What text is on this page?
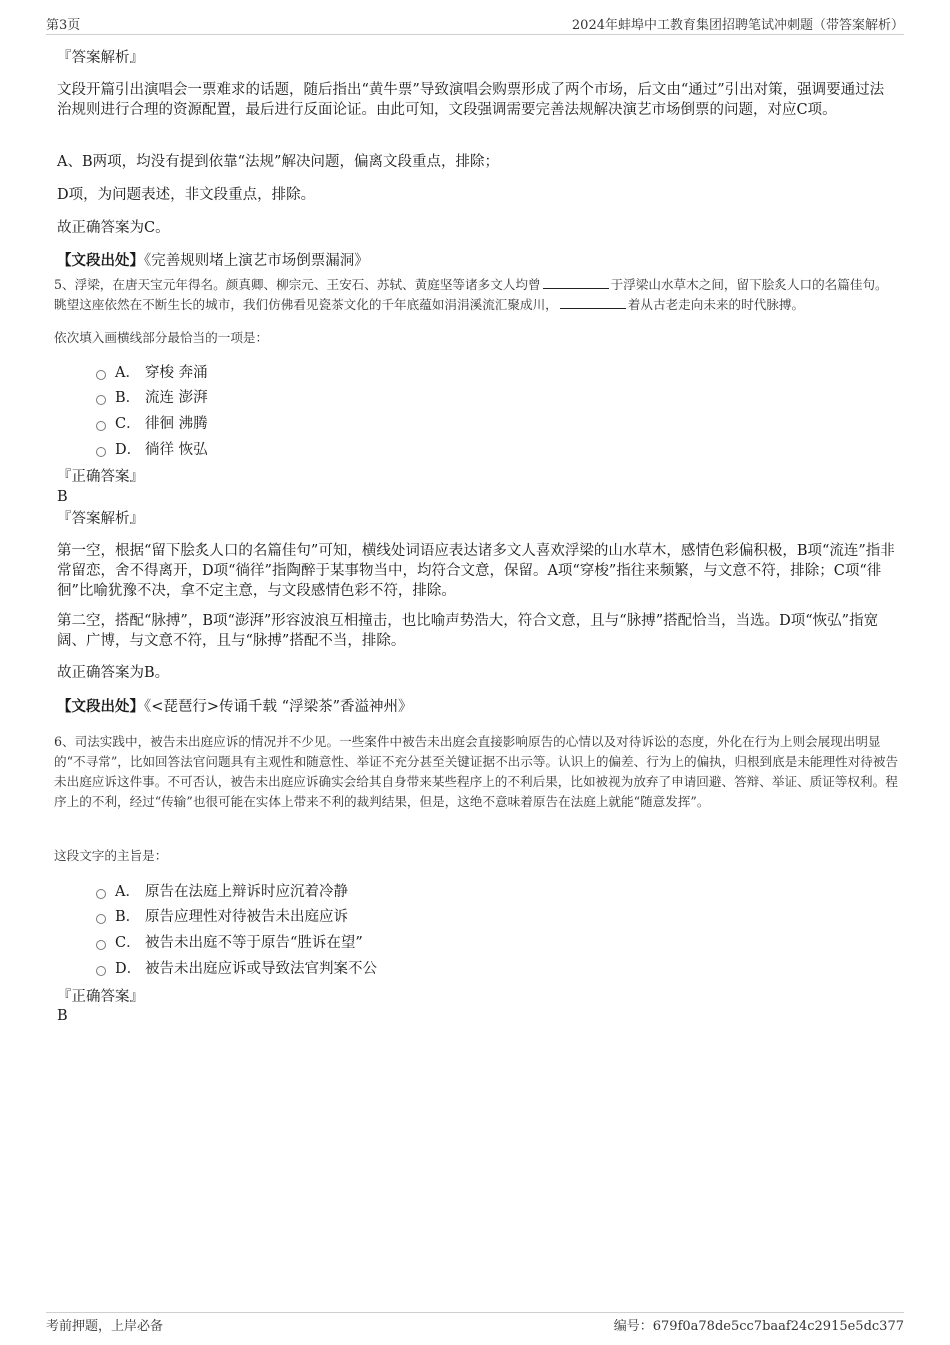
第3页	2024年蚌埠中工教育集团招聘笔试冲刺题（带答案解析）
『答案解析』
文段开篇引出演唱会一票难求的话题，随后指出“黄牛票”导致演唱会购票形成了两个市场，后文由“通过”引出对策，强调要通过法治规则进行合理的资源配置，最后进行反面论证。由此可知，文段强调需要完善法规解决演艺市场倒票的问题，对应C项。
A、B两项，均没有提到依靠“法规”解决问题，偏离文段重点，排除；
D项，为问题表述，非文段重点，排除。
故正确答案为C。
【文段出处】《完善规则堵上演艺市场倒票漏洞》
5、浮梁，在唐天宝元年得名。颜真卿、柳宗元、王安石、苏轼、黄庭坚等诸多文人均曾	于浮梁山水草木之间，留下脍炙人口的名篇佳句。眺望这座依然在不断生长的城市，我们仿佛看见瓷茶文化的千年底蕴如涓涓溪流汇聚成川，	着从古老走向未来的时代脉搏。
依次填入画横线部分最恰当的一项是：
A． 穿梭 奔涌
B． 流连 澎湃
C． 徘徊 沸腾
D． 徜徉 恢弘
『正确答案』
B
『答案解析』
第一空，根据“留下脍炙人口的名篇佳句”可知，横线处词语应表达诸多文人喜欢浮梁的山水草木，感情色彩偏积极，B项“流连”指非常留恋，舍不得离开，D项“徜徉”指陶醉于某事物当中，均符合文意，保留。A项“穿梭”指往来频繁，与文意不符，排除；C项“徘徊”比喻犹豫不决，拿不定主意，与文段感情色彩不符，排除。
第二空，搭配“脉搏”，B项“澎湃”形容波浪互相撞击，也比喻声势浩大，符合文意，且与“脉搏”搭配恰当，当选。D项“恢弘”指宽阔、广博，与文意不符，且与“脉搏”搭配不当，排除。
故正确答案为B。
【文段出处】《<琵琶行>传诵千载 “浮梁茶”香溢神州》
6、司法实践中，被告未出庭应诉的情况并不少见。一些案件中被告未出庭会直接影响原告的心情以及对待诉讼的态度，外化在行为上则会展现出明显的“不寻常”，比如回答法官问题具有主观性和随意性、举证不充分甚至关键证据不出示等。认识上的偏差、行为上的偏执，归根到底是未能理性对待被告未出庭应诉这件事。不可否认，被告未出庭应诉确实会给其自身带来某些程序上的不利后果，比如被视为放弃了申请回避、答辩、举证、质证等权利。程序上的不利，经过“传输”也很可能在实体上带来不利的裁判结果，但是，这绝不意味着原告在法庭上就能“随意发挥”。
这段文字的主旨是：
A． 原告在法庭上辩诉时应沉着冷静
B． 原告应理性对待被告未出庭应诉
C． 被告未出庭不等于原告“胜诉在望”
D． 被告未出庭应诉或导致法官判案不公
『正确答案』
B
考前押题，上岸必备	编号：679f0a78de5cc7baaf24c2915e5dc377
